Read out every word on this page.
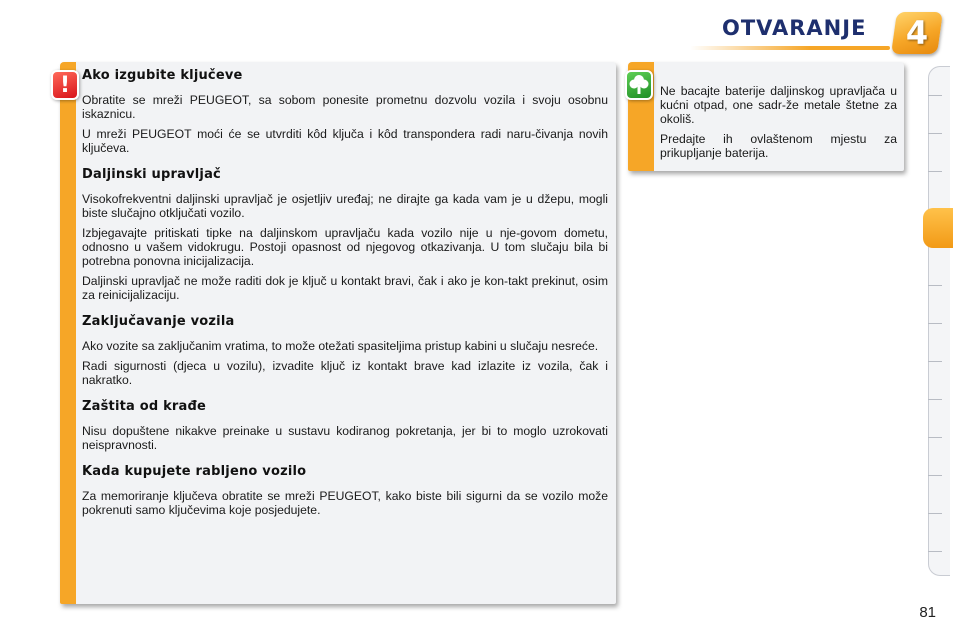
OTVARANJE	4
! Ako izgubite ključeve

Obratite se mreži PEUGEOT, sa sobom ponesite prometnu dozvolu vozila i svoju osobnu iskaznicu.

U mreži PEUGEOT moći će se utvrditi kôd ključa i kôd transpondera radi naru-čivanja novih ključeva.

Daljinski upravljač

Visokofrekventni daljinski upravljač je osjetljiv uređaj; ne dirajte ga kada vam je u džepu, mogli biste slučajno otključati vozilo.

Izbjegavajte pritiskati tipke na daljinskom upravljaču kada vozilo nije u nje-govom dometu, odnosno u vašem vidokrugu. Postoji opasnost od njegovog otkazivanja. U tom slučaju bila bi potrebna ponovna inicijalizacija.

Daljinski upravljač ne može raditi dok je ključ u kontakt bravi, čak i ako je kon-takt prekinut, osim za reinicijalizaciju.

Zaključavanje vozila

Ako vozite sa zaključanim vratima, to može otežati spasiteljima pristup kabini u slučaju nesreće.

Radi sigurnosti (djeca u vozilu), izvadite ključ iz kontakt brave kad izlazite iz vozila, čak i nakratko.

Zaštita od krađe

Nisu dopuštene nikakve preinake u sustavu kodiranog pokretanja, jer bi to moglo uzrokovati neispravnosti.

Kada kupujete rabljeno vozilo

Za memoriranje ključeva obratite se mreži PEUGEOT, kako biste bili sigurni da se vozilo može pokrenuti samo ključevima koje posjedujete.

Ne bacajte baterije daljinskog upravljača u kućni otpad, one sadr-že metale štetne za okoliš.

Predajte ih ovlaštenom mjestu za prikupljanje baterija.

81
